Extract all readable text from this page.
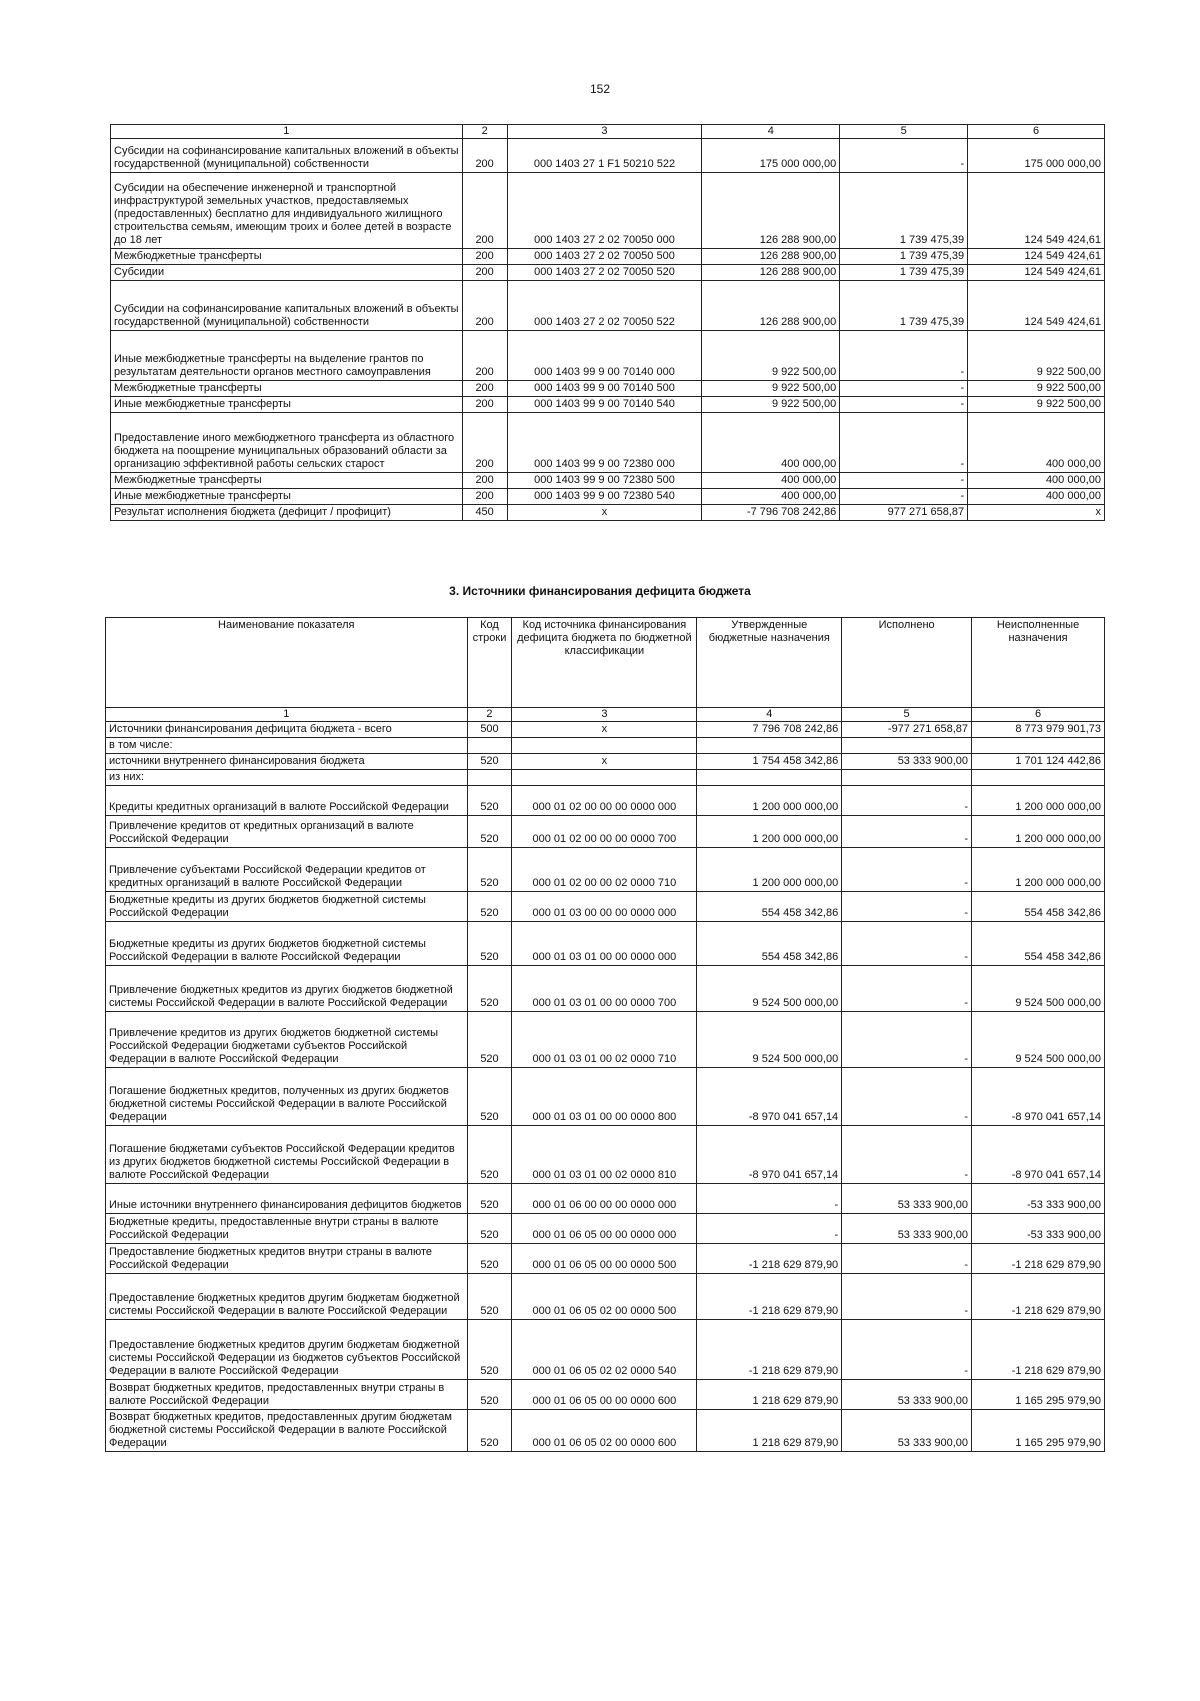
152
1	2	3	4	5	6
Субсидии на софинансирование капитальных вложений в объекты государственной (муниципальной) собственности	200	000 1403 27 1 F1 50210 522	175 000 000,00	-	175 000 000,00
Субсидии на обеспечение инженерной и транспортной инфраструктурой земельных участков, предоставляемых (предоставленных) бесплатно для индивидуального жилищного строительства семьям, имеющим троих и более детей в возрасте до 18 лет	200	000 1403 27 2 02 70050 000	126 288 900,00	1 739 475,39	124 549 424,61
Межбюджетные трансферты	200	000 1403 27 2 02 70050 500	126 288 900,00	1 739 475,39	124 549 424,61
Субсидии	200	000 1403 27 2 02 70050 520	126 288 900,00	1 739 475,39	124 549 424,61
Субсидии на софинансирование капитальных вложений в объекты государственной (муниципальной) собственности	200	000 1403 27 2 02 70050 522	126 288 900,00	1 739 475,39	124 549 424,61
Иные межбюджетные трансферты на выделение грантов по результатам деятельности органов местного самоуправления	200	000 1403 99 9 00 70140 000	9 922 500,00	-	9 922 500,00
Межбюджетные трансферты	200	000 1403 99 9 00 70140 500	9 922 500,00	-	9 922 500,00
Иные межбюджетные трансферты	200	000 1403 99 9 00 70140 540	9 922 500,00	-	9 922 500,00
Предоставление иного межбюджетного трансферта из областного бюджета на поощрение муниципальных образований области за организацию эффективной работы сельских старост	200	000 1403 99 9 00 72380 000	400 000,00	-	400 000,00
Межбюджетные трансферты	200	000 1403 99 9 00 72380 500	400 000,00	-	400 000,00
Иные межбюджетные трансферты	200	000 1403 99 9 00 72380 540	400 000,00	-	400 000,00
Результат исполнения бюджета (дефицит / профицит)	450	x	-7 796 708 242,86	977 271 658,87	x
3. Источники финансирования дефицита бюджета
Наименование показателя	Код строки	Код источника финансирования дефицита бюджета по бюджетной классификации	Утвержденные бюджетные назначения	Исполнено	Неисполненные назначения
1	2	3	4	5	6
Источники финансирования дефицита бюджета - всего	500	x	7 796 708 242,86	-977 271 658,87	8 773 979 901,73
в том числе:					
источники внутреннего финансирования бюджета	520	x	1 754 458 342,86	53 333 900,00	1 701 124 442,86
из них:					
Кредиты кредитных организаций в валюте Российской Федерации	520	000 01 02 00 00 00 0000 000	1 200 000 000,00	-	1 200 000 000,00
Привлечение кредитов от кредитных организаций в валюте Российской Федерации	520	000 01 02 00 00 00 0000 700	1 200 000 000,00	-	1 200 000 000,00
Привлечение субъектами Российской Федерации кредитов от кредитных организаций в валюте Российской Федерации	520	000 01 02 00 00 02 0000 710	1 200 000 000,00	-	1 200 000 000,00
Бюджетные кредиты из других бюджетов бюджетной системы Российской Федерации	520	000 01 03 00 00 00 0000 000	554 458 342,86	-	554 458 342,86
Бюджетные кредиты из других бюджетов бюджетной системы Российской Федерации в валюте Российской Федерации	520	000 01 03 01 00 00 0000 000	554 458 342,86	-	554 458 342,86
Привлечение бюджетных кредитов из других бюджетов бюджетной системы Российской Федерации в валюте Российской Федерации	520	000 01 03 01 00 00 0000 700	9 524 500 000,00	-	9 524 500 000,00
Привлечение кредитов из других бюджетов бюджетной системы Российской Федерации бюджетами субъектов Российской Федерации в валюте Российской Федерации	520	000 01 03 01 00 02 0000 710	9 524 500 000,00	-	9 524 500 000,00
Погашение бюджетных кредитов, полученных из других бюджетов бюджетной системы Российской Федерации в валюте Российской Федерации	520	000 01 03 01 00 00 0000 800	-8 970 041 657,14	-	-8 970 041 657,14
Погашение бюджетами субъектов Российской Федерации кредитов из других бюджетов бюджетной системы Российской Федерации в валюте Российской Федерации	520	000 01 03 01 00 02 0000 810	-8 970 041 657,14	-	-8 970 041 657,14
Иные источники внутреннего финансирования дефицитов бюджетов	520	000 01 06 00 00 00 0000 000	-	53 333 900,00	-53 333 900,00
Бюджетные кредиты, предоставленные внутри страны в валюте Российской Федерации	520	000 01 06 05 00 00 0000 000	-	53 333 900,00	-53 333 900,00
Предоставление бюджетных кредитов внутри страны в валюте Российской Федерации	520	000 01 06 05 00 00 0000 500	-1 218 629 879,90	-	-1 218 629 879,90
Предоставление бюджетных кредитов другим бюджетам бюджетной системы Российской Федерации в валюте Российской Федерации	520	000 01 06 05 02 00 0000 500	-1 218 629 879,90	-	-1 218 629 879,90
Предоставление бюджетных кредитов другим бюджетам бюджетной системы Российской Федерации из бюджетов субъектов Российской Федерации в валюте Российской Федерации	520	000 01 06 05 02 02 0000 540	-1 218 629 879,90	-	-1 218 629 879,90
Возврат бюджетных кредитов, предоставленных внутри страны в валюте Российской Федерации	520	000 01 06 05 00 00 0000 600	1 218 629 879,90	53 333 900,00	1 165 295 979,90
Возврат бюджетных кредитов, предоставленных другим бюджетам бюджетной системы Российской Федерации в валюте Российской Федерации	520	000 01 06 05 02 00 0000 600	1 218 629 879,90	53 333 900,00	1 165 295 979,90
